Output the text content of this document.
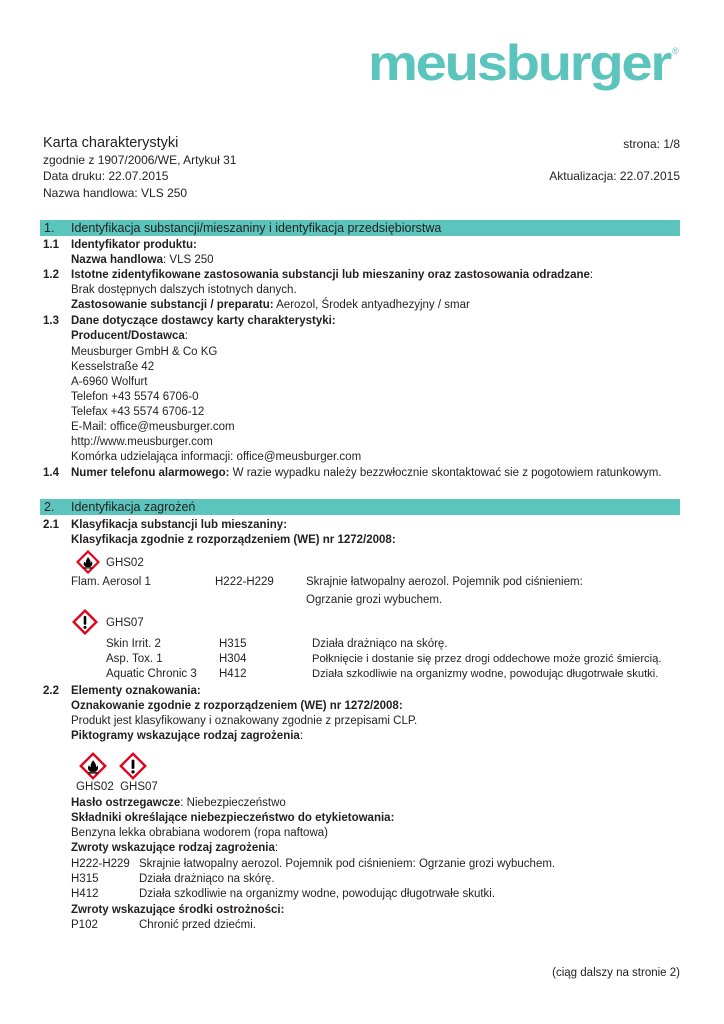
meusburger ®
Karta charakterystyki	strona: 1/8
zgodnie z 1907/2006/WE, Artykuł 31
Data druku: 22.07.2015	Aktualizacja: 22.07.2015
Nazwa handlowa: VLS 250
1. Identyfikacja substancji/mieszaniny i identyfikacja przedsiębiorstwa
1.1 Identyfikator produktu:
Nazwa handlowa: VLS 250
1.2 Istotne zidentyfikowane zastosowania substancji lub mieszaniny oraz zastosowania odradzane:
Brak dostępnych dalszych istotnych danych.
Zastosowanie substancji / preparatu: Aerozol, Środek antyadhezyjny / smar
1.3 Dane dotyczące dostawcy karty charakterystyki:
Producent/Dostawca:
Meusburger GmbH & Co KG
Kesselstraße 42
A-6960 Wolfurt
Telefon +43 5574 6706-0
Telefax +43 5574 6706-12
E-Mail: office@meusburger.com
http://www.meusburger.com
Komórka udzielająca informacji: office@meusburger.com
1.4 Numer telefonu alarmowego: W razie wypadku należy bezzwłocznie skontaktować sie z pogotowiem ratunkowym.
2. Identyfikacja zagrożeń
2.1 Klasyfikacja substancji lub mieszaniny:
Klasyfikacja zgodnie z rozporządzeniem (WE) nr 1272/2008:
GHS02
Flam. Aerosol 1	H222-H229	Skrajnie łatwopalny aerozol. Pojemnik pod ciśnieniem:
Ogrzanie grozi wybuchem.
GHS07
Skin Irrit. 2	H315	Działa drażniąco na skórę.
Asp. Tox. 1	H304	Połknięcie i dostanie się przez drogi oddechowe może grozić śmiercią.
Aquatic Chronic 3 H412	Działa szkodliwie na organizmy wodne, powodując długotrwałe skutki.
2.2 Elementy oznakowania:
Oznakowanie zgodnie z rozporządzeniem (WE) nr 1272/2008:
Produkt jest klasyfikowany i oznakowany zgodnie z przepisami CLP.
Piktogramy wskazujące rodzaj zagrożenia:
GHS02  GHS07
Hasło ostrzegawcze: Niebezpieczeństwo
Składniki określające niebezpieczeństwo do etykietowania:
Benzyna lekka obrabiana wodorem (ropa naftowa)
Zwroty wskazujące rodzaj zagrożenia:
H222-H229 Skrajnie łatwopalny aerozol. Pojemnik pod ciśnieniem: Ogrzanie grozi wybuchem.
H315	Działa drażniąco na skórę.
H412	Działa szkodliwie na organizmy wodne, powodując długotrwałe skutki.
Zwroty wskazujące środki ostrożności:
P102	Chronić przed dziećmi.
(ciąg dalszy na stronie 2)
